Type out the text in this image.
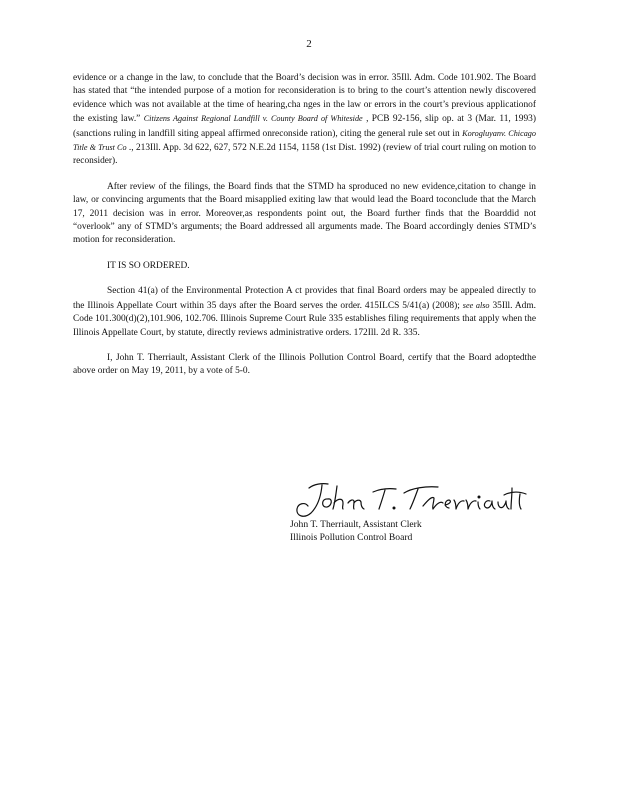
2

evidence or a change in the law, to conclude that the Board’s decision was in error. 35Ill. Adm. Code 101.902. The Board has stated that “the intended purpose of a motion for reconsideration is to bring to the court’s attention newly discovered evidence which was not available at the time of hearing,cha nges in the law or errors in the court’s previous applicationof the existing law.” Citizens Against Regional Landfill v. County Board of Whiteside , PCB 92-156, slip op. at 3 (Mar. 11, 1993) (sanctions ruling in landfill siting appeal affirmed onreconside ration), citing the general rule set out in Korogluyanv. Chicago Title & Trust Co ., 213Ill. App. 3d 622, 627, 572 N.E.2d 1154, 1158 (1st Dist. 1992) (review of trial court ruling on motion to reconsider).

After review of the filings, the Board finds that the STMD ha sproduced no new evidence,citation to change in law, or convincing arguments that the Board misapplied exiting law that would lead the Board toconclude that the March 17, 2011 decision was in error. Moreover,as respondents point out, the Board further finds that the Boarddid not “overlook” any of STMD’s arguments; the Board addressed all arguments made. The Board accordingly denies STMD’s motion for reconsideration.

IT IS SO ORDERED.

Section 41(a) of the Environmental Protection A ct provides that final Board orders may be appealed directly to the Illinois Appellate Court within 35 days after the Board serves the order. 415ILCS 5/41(a) (2008); see also 35Ill. Adm. Code 101.300(d)(2),101.906, 102.706. Illinois Supreme Court Rule 335 establishes filing requirements that apply when the Illinois Appellate Court, by statute, directly reviews administrative orders. 172Ill. 2d R. 335.

I, John T. Therriault, Assistant Clerk of the Illinois Pollution Control Board, certify that the Board adoptedthe above order on May 19, 2011, by a vote of 5-0.

John T. Therriault, Assistant Clerk
Illinois Pollution Control Board
